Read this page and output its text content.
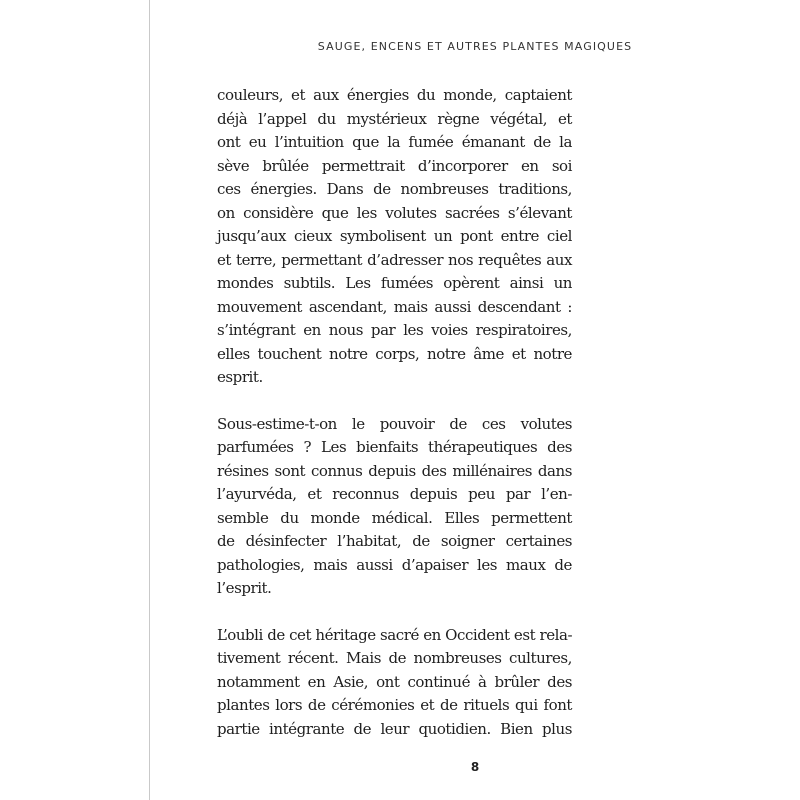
SAUGE, ENCENS ET AUTRES PLANTES MAGIQUES
couleurs, et aux énergies du monde, captaient
déjà l’appel du mystérieux règne végétal, et
ont eu l’intuition que la fumée émanant de la
sève brûlée permettrait d’incorporer en soi
ces énergies. Dans de nombreuses traditions,
on considère que les volutes sacrées s’élevant
jusqu’aux cieux symbolisent un pont entre ciel
et terre, permettant d’adresser nos requêtes aux
mondes subtils. Les fumées opèrent ainsi un
mouvement ascendant, mais aussi descendant :
s’intégrant en nous par les voies respiratoires,
elles touchent notre corps, notre âme et notre
esprit.
Sous-estime-t-on le pouvoir de ces volutes
parfumées ? Les bienfaits thérapeutiques des
résines sont connus depuis des millénaires dans
l’ayurvéda, et reconnus depuis peu par l’en-
semble du monde médical. Elles permettent
de désinfecter l’habitat, de soigner certaines
pathologies, mais aussi d’apaiser les maux de
l’esprit.
L’oubli de cet héritage sacré en Occident est rela-
tivement récent. Mais de nombreuses cultures,
notamment en Asie, ont continué à brûler des
plantes lors de cérémonies et de rituels qui font
partie intégrante de leur quotidien. Bien plus
8
